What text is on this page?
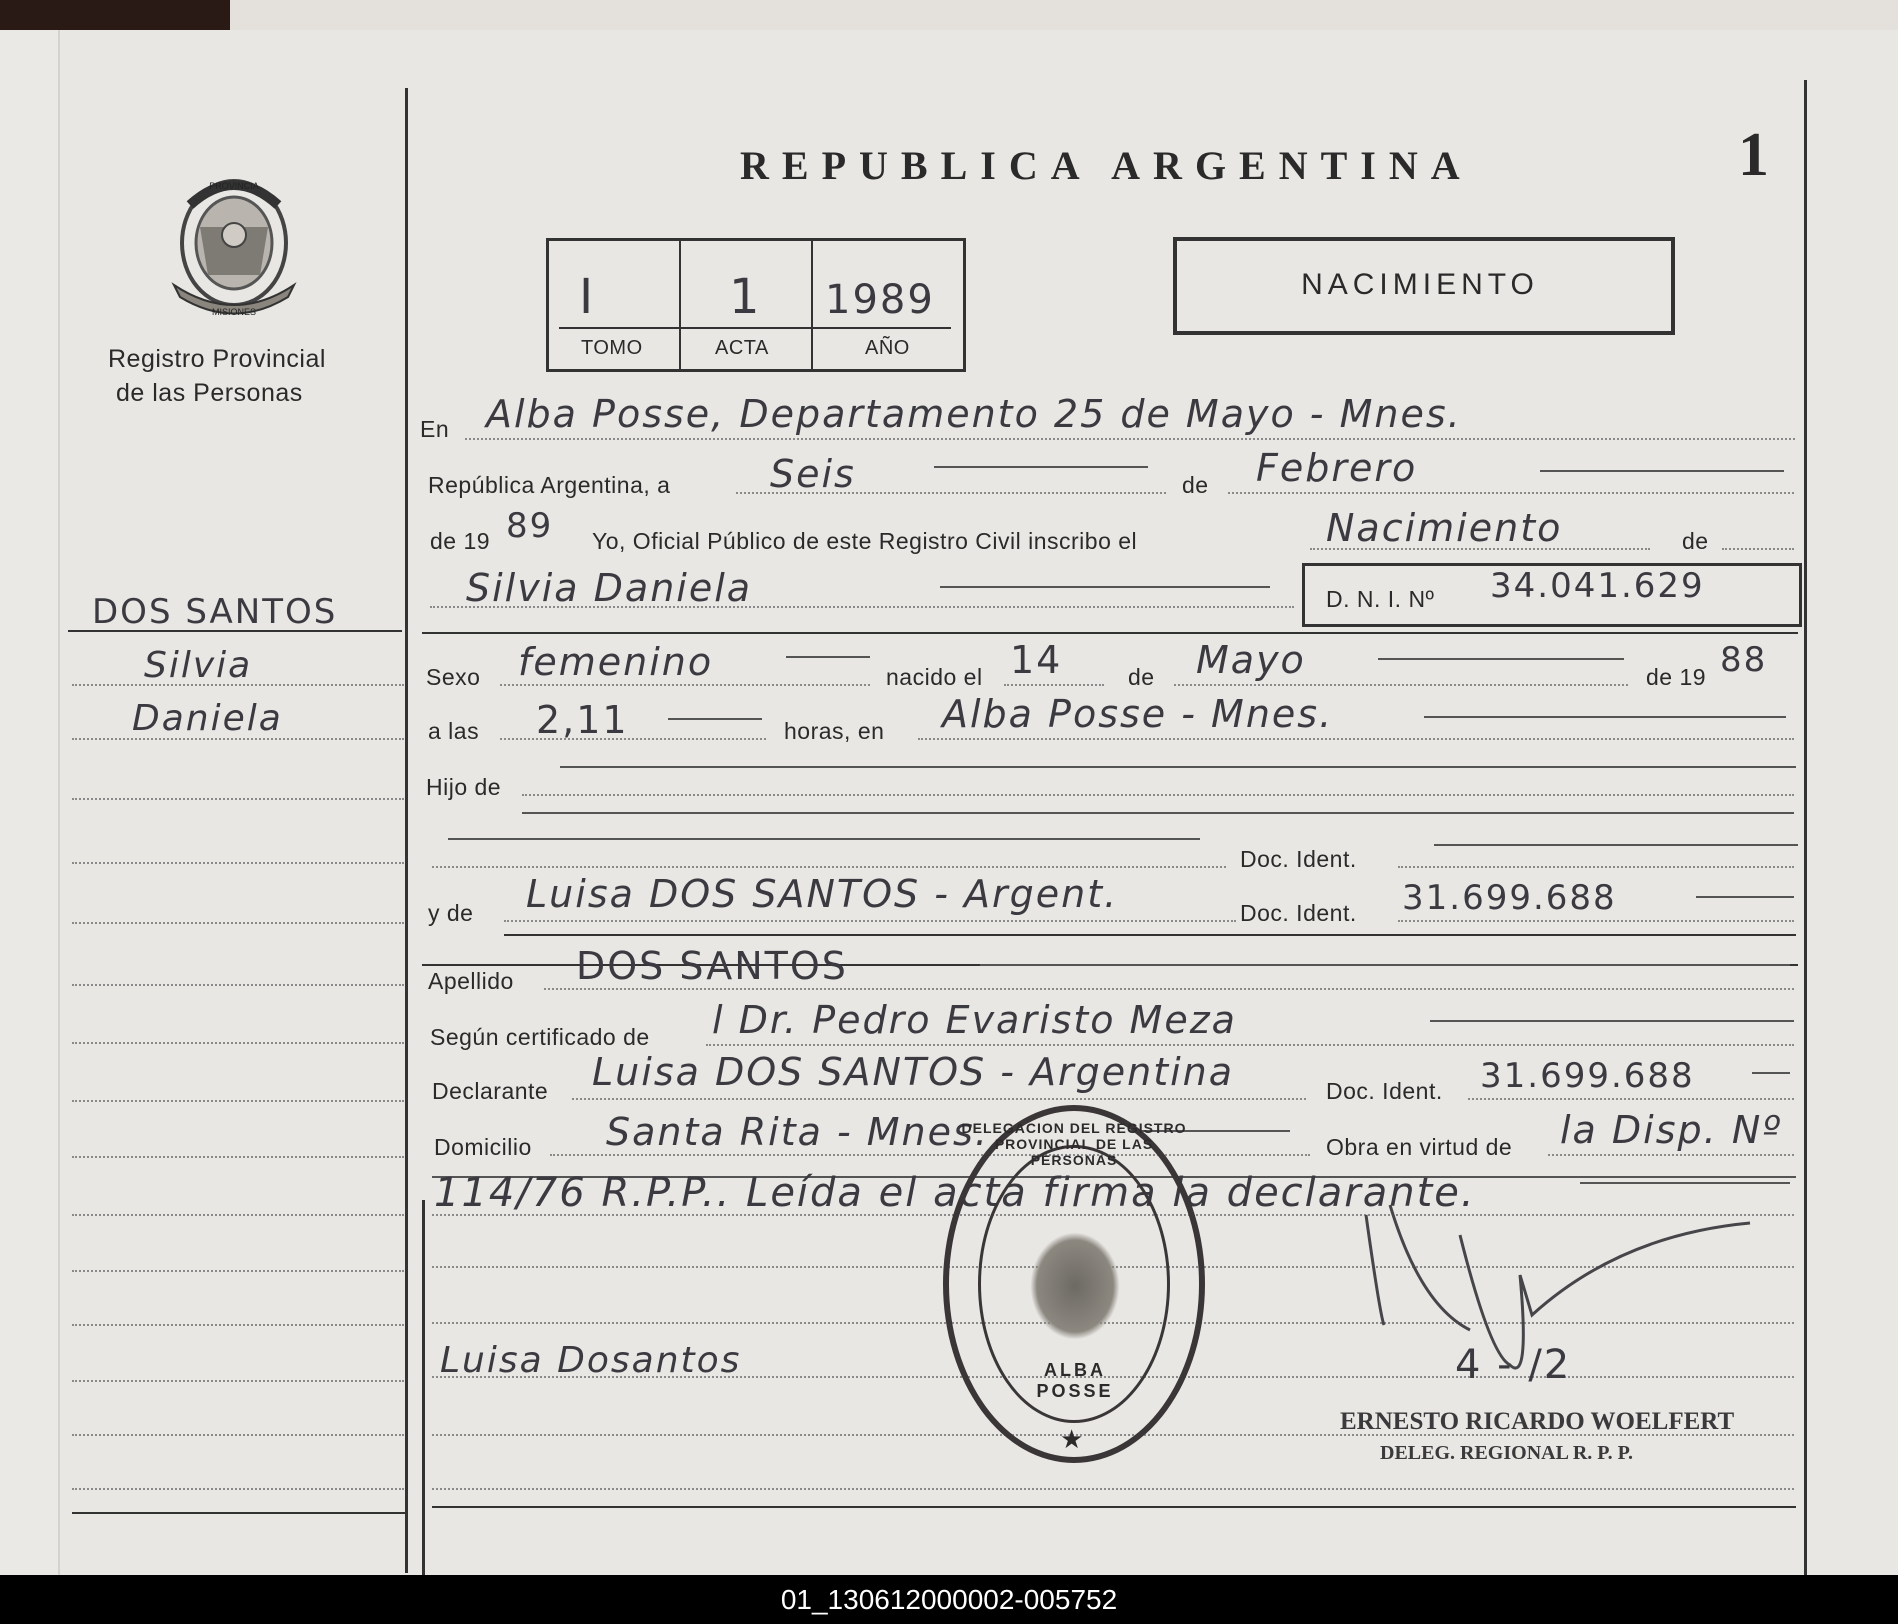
PROVINCIA
MISIONES
Registro Provincial
de las Personas
REPUBLICA ARGENTINA	1
I	1 1989
TOMO	ACTA	AÑO
NACIMIENTO
DOS SANTOS
Silvia
Daniela
Luisa Dosantos
En Alba Posse, Departamento 25 de Mayo - Mnes.
República Argentina, a	Seis	de Febrero
de 19 89 Yo, Oficial Público de este Registro Civil inscribo el	Nacimiento	de
Silvia Daniela	D. N. I. Nº 34.041.629
Sexo femenino	nacido el 14	de Mayo	de 19 88
a las 2,11	horas, en Alba Posse - Mnes.
Hijo de
Doc. Ident.
y de Luisa DOS SANTOS - Argent.	Doc. Ident. 31.699.688
Apellido DOS SANTOS
Según certificado de l Dr. Pedro Evaristo Meza
Declarante Luisa DOS SANTOS - Argentina	Doc. Ident. 31.699.688
Domicilio Santa Rita - Mnes.	Obra en virtud de la Disp. Nº
114/76 R.P.P.. Leída el acta firma la declarante.
DELEGACION DEL REGISTRO PROVINCIAL DE LAS PERSONAS
ALBA POSSE
★
4 - /2
ERNESTO RICARDO WOELFERT
DELEG. REGIONAL R. P. P.
01_130612000002-005752
